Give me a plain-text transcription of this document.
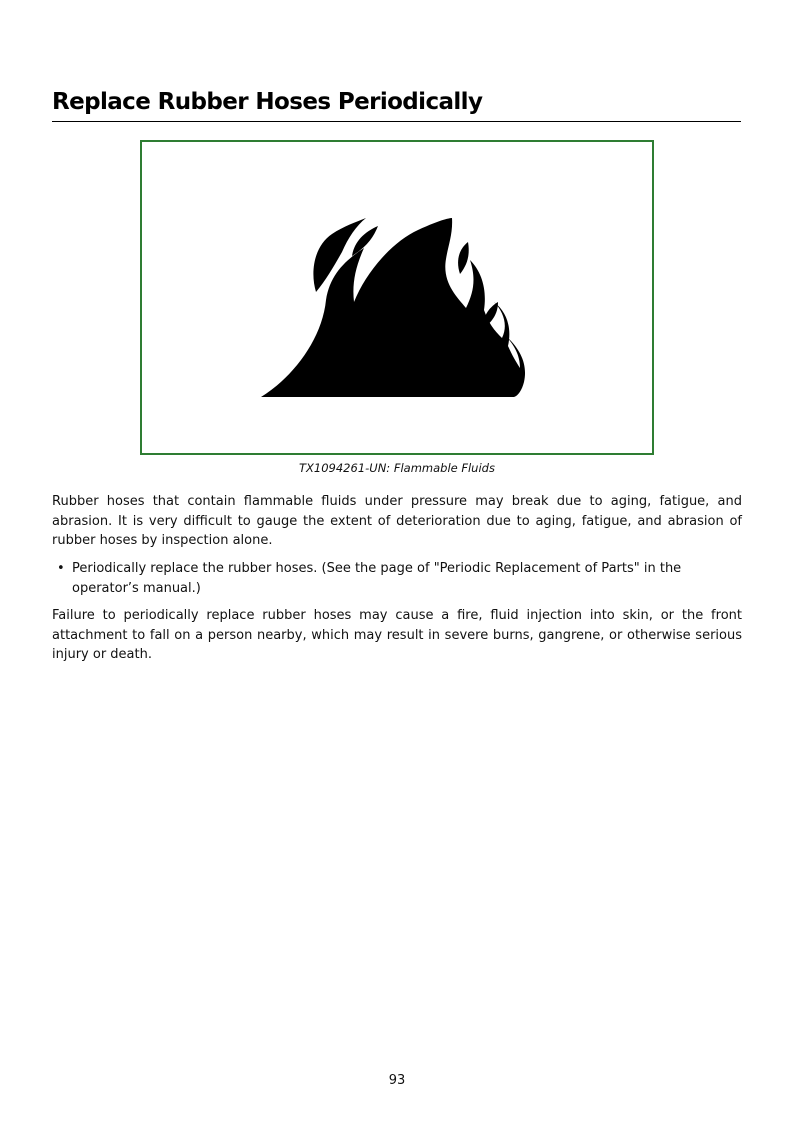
Replace Rubber Hoses Periodically
TX1094261-UN: Flammable Fluids

Rubber hoses that contain flammable fluids under pressure may break due to aging, fatigue, and abrasion. It is very difficult to gauge the extent of deterioration due to aging, fatigue, and abrasion of rubber hoses by inspection alone.

• Periodically replace the rubber hoses. (See the page of "Periodic Replacement of Parts" in the operator’s manual.)

Failure to periodically replace rubber hoses may cause a fire, fluid injection into skin, or the front attachment to fall on a person nearby, which may result in severe burns, gangrene, or otherwise serious injury or death.

93
